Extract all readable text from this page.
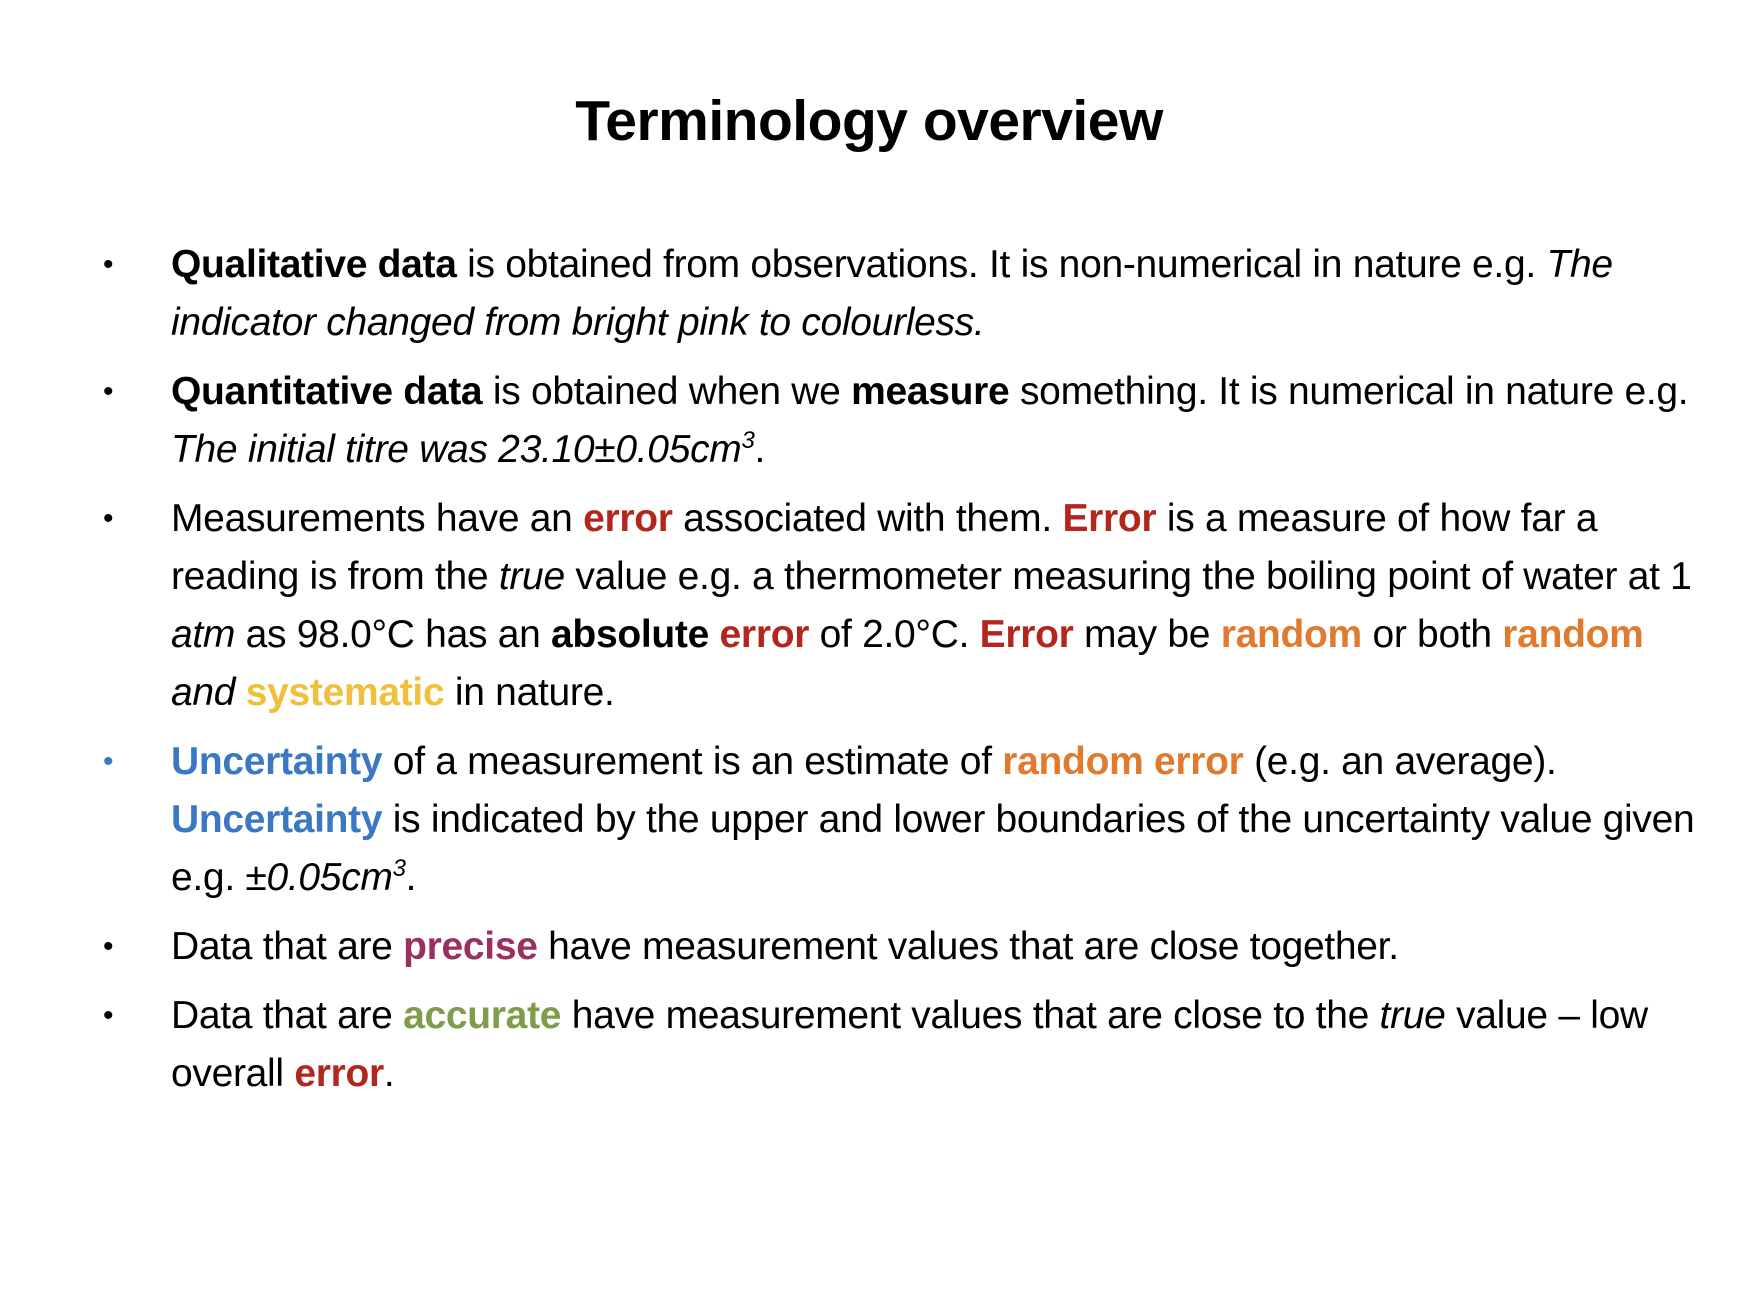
Terminology overview
• Qualitative data is obtained from observations. It is non-numerical in nature e.g. The indicator changed from bright pink to colourless.
• Quantitative data is obtained when we measure something. It is numerical in nature e.g. The initial titre was $23.10\pm 0.05cm^3$.
• Measurements have an error associated with them. Error is a measure of how far a reading is from the true value e.g. a thermometer measuring the boiling point of water at 1 atm as 98.0°C has an absolute error of 2.0°C. Error may be random or both random and systematic in nature.
• Uncertainty of a measurement is an estimate of random error (e.g. an average). Uncertainty is indicated by the upper and lower boundaries of the uncertainty value given e.g. $\pm 0.05cm^3$.
• Data that are precise have measurement values that are close together.
• Data that are accurate have measurement values that are close to the true value – low overall error.
